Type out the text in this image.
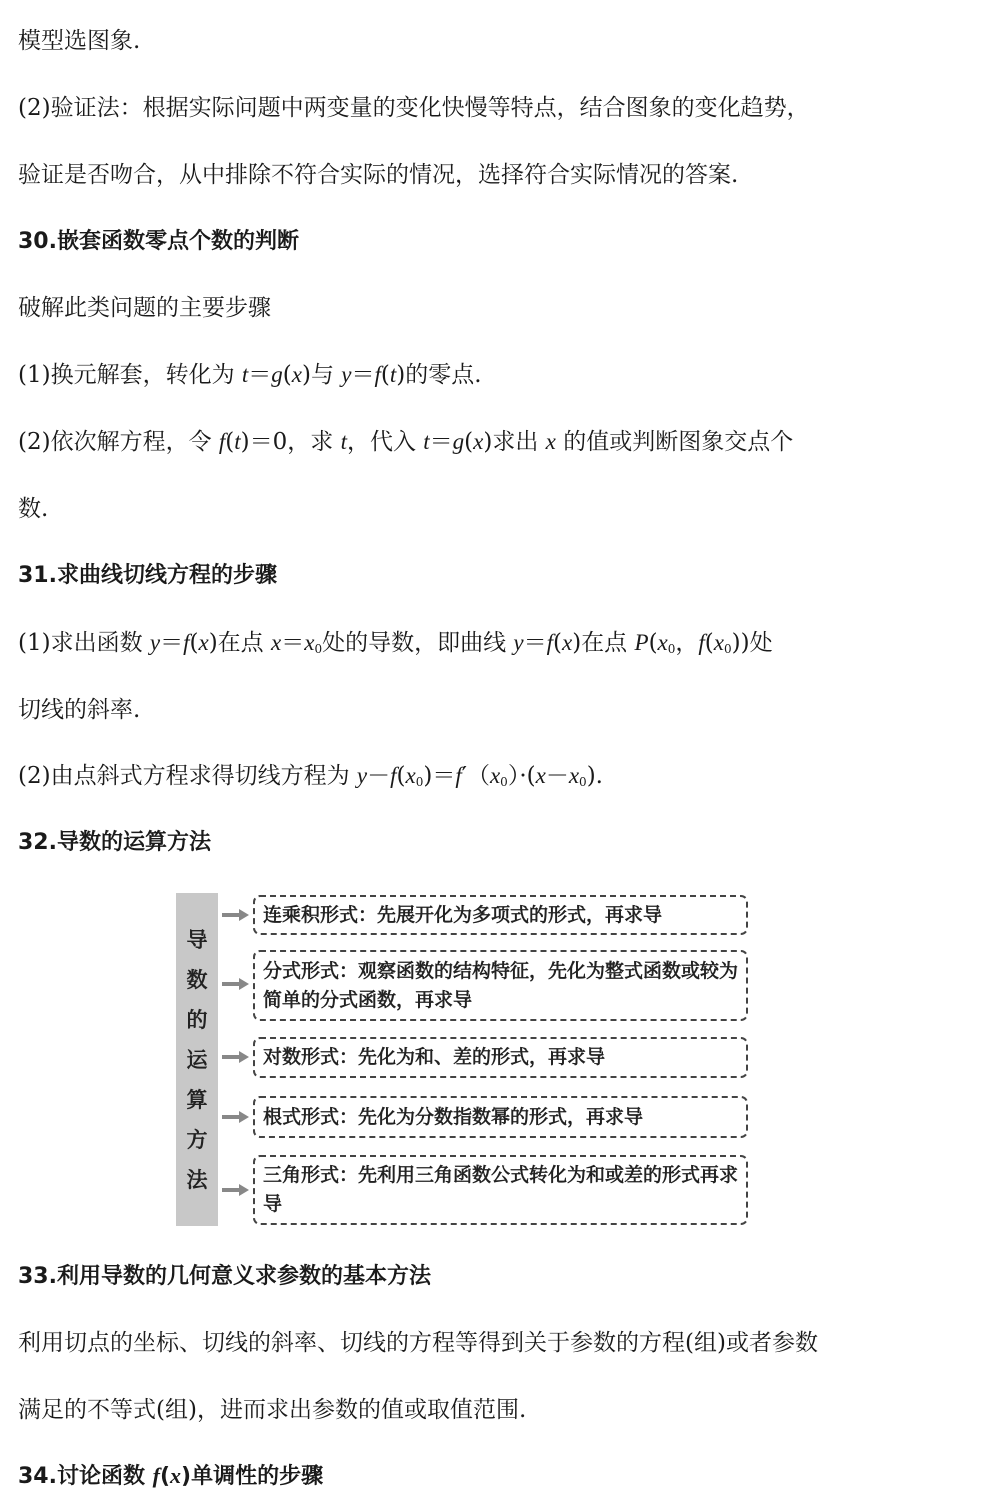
模型选图象.

(2)验证法：根据实际问题中两变量的变化快慢等特点，结合图象的变化趋势，

验证是否吻合，从中排除不符合实际的情况，选择符合实际情况的答案.

30.嵌套函数零点个数的判断

破解此类问题的主要步骤

(1)换元解套，转化为 t＝g(x)与 y＝f(t)的零点.

(2)依次解方程，令 f(t)＝0，求 t，代入 t＝g(x)求出 x 的值或判断图象交点个

数.

31.求曲线切线方程的步骤

(1)求出函数 y＝f(x)在点 $x=x_0$处的导数，即曲线 y＝f(x)在点 $P(x_0$，$f(x_0)$)处

切线的斜率.

(2)由点斜式方程求得切线方程为 $y-f(x_0)=f'(x_0)\cdot(x-x_0)$.

32.导数的运算方法

导
数
的
运
算
方
法
连乘积形式：先展开化为多项式的形式，再求导
分式形式：观察函数的结构特征，先化为整式函数或较为简单的分式函数，再求导
对数形式：先化为和、差的形式，再求导
根式形式：先化为分数指数幂的形式，再求导
三角形式：先利用三角函数公式转化为和或差的形式再求导

33.利用导数的几何意义求参数的基本方法

利用切点的坐标、切线的斜率、切线的方程等得到关于参数的方程(组)或者参数

满足的不等式(组)，进而求出参数的值或取值范围.

34.讨论函数 f(x)单调性的步骤
